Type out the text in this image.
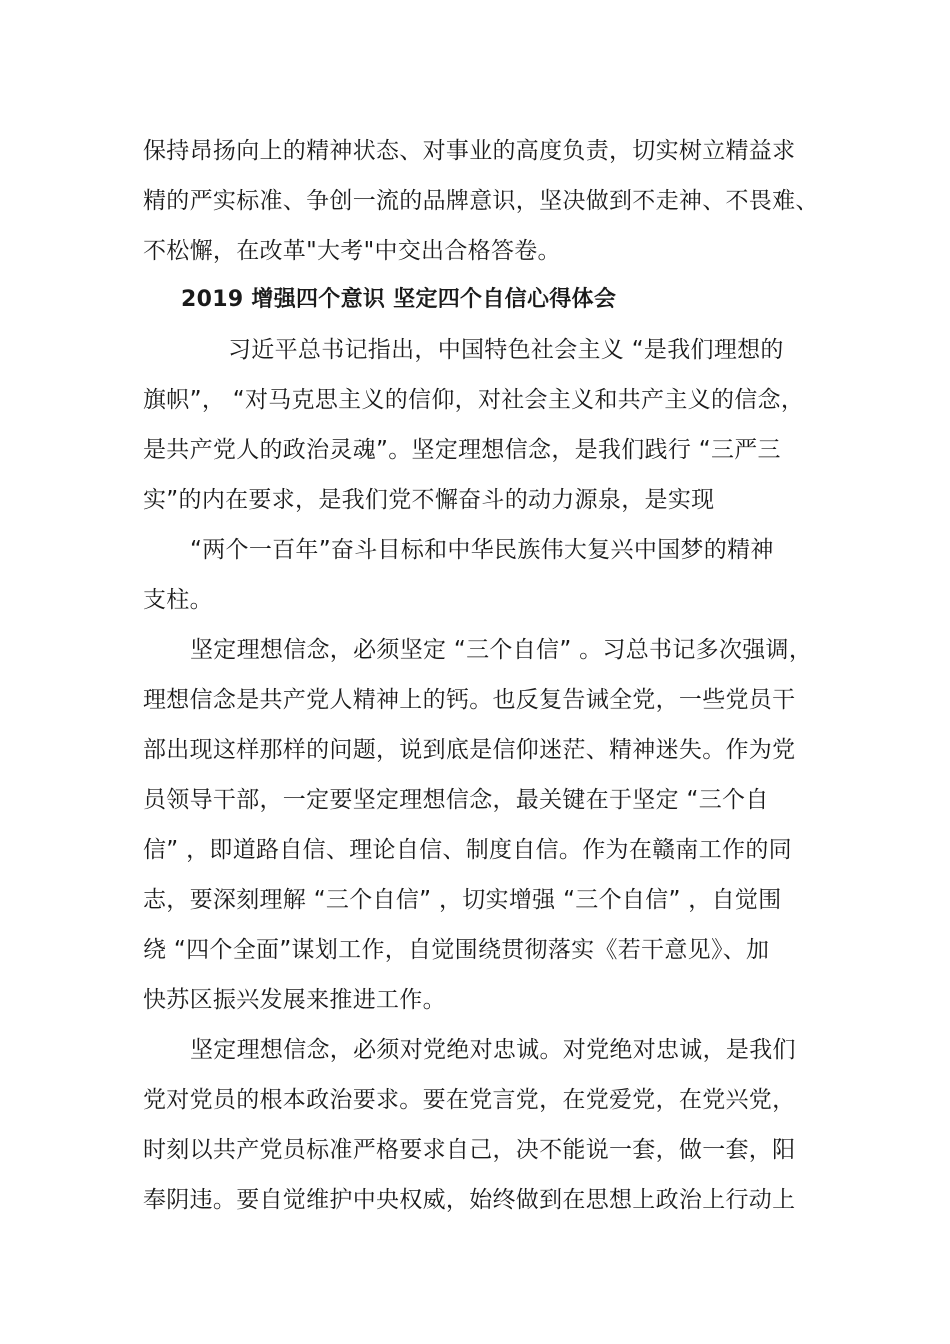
保持昂扬向上的精神状态、对事业的高度负责，切实树立精益求
精的严实标准、争创一流的品牌意识，坚决做到不走神、不畏难、
不松懈，在改革"大考"中交出合格答卷。
2019 增强四个意识 坚定四个自信心得体会
习近平总书记指出，中国特色社会主义 “是我们理想的
旗帜”， “对马克思主义的信仰，对社会主义和共产主义的信念，
是共产党人的政治灵魂”。坚定理想信念，是我们践行 “三严三
实”的内在要求，是我们党不懈奋斗的动力源泉，是实现
“两个一百年”奋斗目标和中华民族伟大复兴中国梦的精神
支柱。
坚定理想信念，必须坚定 “三个自信” 。习总书记多次强调，
理想信念是共产党人精神上的钙。也反复告诫全党，一些党员干
部出现这样那样的问题，说到底是信仰迷茫、精神迷失。作为党
员领导干部，一定要坚定理想信念，最关键在于坚定 “三个自
信” ，即道路自信、理论自信、制度自信。作为在赣南工作的同
志，要深刻理解 “三个自信” ，切实增强 “三个自信” ，自觉围
绕 “四个全面”谋划工作，自觉围绕贯彻落实《若干意见》、加
快苏区振兴发展来推进工作。
坚定理想信念，必须对党绝对忠诚。对党绝对忠诚，是我们
党对党员的根本政治要求。要在党言党，在党爱党，在党兴党，
时刻以共产党员标准严格要求自己，决不能说一套，做一套，阳
奉阴违。要自觉维护中央权威，始终做到在思想上政治上行动上
